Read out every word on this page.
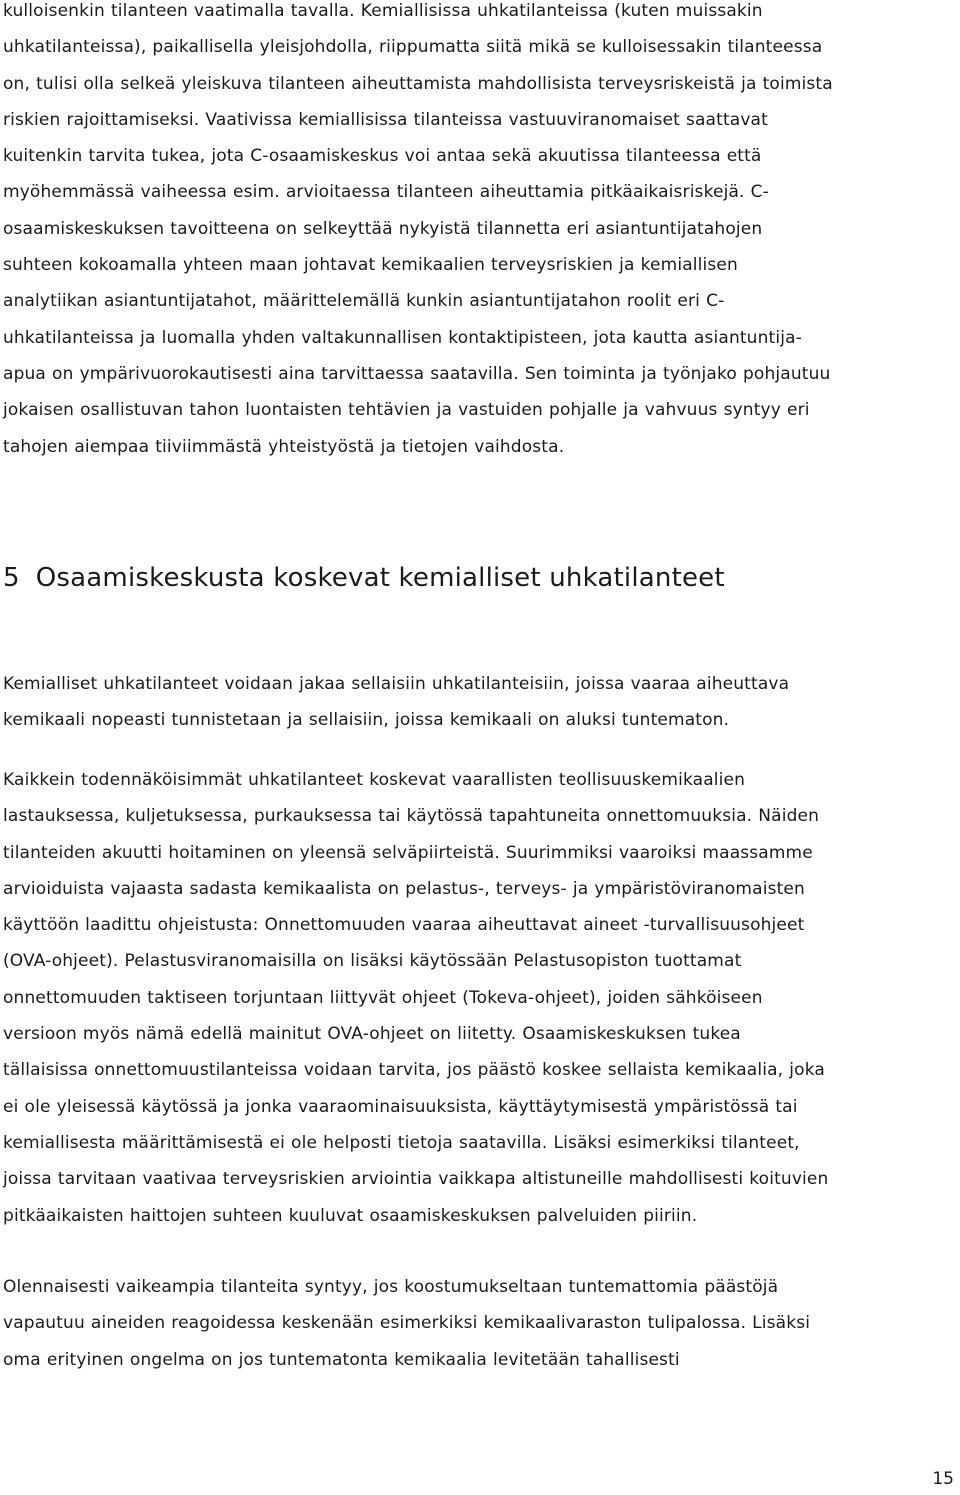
kulloisenkin tilanteen vaatimalla tavalla. Kemiallisissa uhkatilanteissa (kuten muissakin
uhkatilanteissa), paikallisella yleisjohdolla, riippumatta siitä mikä se kulloisessakin tilanteessa
on, tulisi olla selkeä yleiskuva tilanteen aiheuttamista mahdollisista terveysriskeistä ja toimista
riskien rajoittamiseksi. Vaativissa kemiallisissa tilanteissa vastuuviranomaiset saattavat
kuitenkin tarvita tukea, jota C-osaamiskeskus voi antaa sekä akuutissa tilanteessa että
myöhemmässä vaiheessa esim. arvioitaessa tilanteen aiheuttamia pitkäaikaisriskejä. C-
osaamiskeskuksen tavoitteena on selkeyttää nykyistä tilannetta eri asiantuntijatahojen
suhteen kokoamalla yhteen maan johtavat kemikaalien terveysriskien ja kemiallisen
analytiikan asiantuntijatahot, määrittelemällä kunkin asiantuntijatahon roolit eri C-
uhkatilanteissa ja luomalla yhden valtakunnallisen kontaktipisteen, jota kautta asiantuntija-
apua on ympärivuorokautisesti aina tarvittaessa saatavilla. Sen toiminta ja työnjako pohjautuu
jokaisen osallistuvan tahon luontaisten tehtävien ja vastuiden pohjalle ja vahvuus syntyy eri
tahojen aiempaa tiiviimmästä yhteistyöstä ja tietojen vaihdosta.
5 Osaamiskeskusta koskevat kemialliset uhkatilanteet
Kemialliset uhkatilanteet voidaan jakaa sellaisiin uhkatilanteisiin, joissa vaaraa aiheuttava
kemikaali nopeasti tunnistetaan ja sellaisiin, joissa kemikaali on aluksi tuntematon.
Kaikkein todennäköisimmät uhkatilanteet koskevat vaarallisten teollisuuskemikaalien
lastauksessa, kuljetuksessa, purkauksessa tai käytössä tapahtuneita onnettomuuksia. Näiden
tilanteiden akuutti hoitaminen on yleensä selväpiirteistä. Suurimmiksi vaaroiksi maassamme
arvioiduista vajaasta sadasta kemikaalista on pelastus-, terveys- ja ympäristöviranomaisten
käyttöön laadittu ohjeistusta: Onnettomuuden vaaraa aiheuttavat aineet -turvallisuusohjeet
(OVA-ohjeet). Pelastusviranomaisilla on lisäksi käytössään Pelastusopiston tuottamat
onnettomuuden taktiseen torjuntaan liittyvät ohjeet (Tokeva-ohjeet), joiden sähköiseen
versioon myös nämä edellä mainitut OVA-ohjeet on liitetty. Osaamiskeskuksen tukea
tällaisissa onnettomuustilanteissa voidaan tarvita, jos päästö koskee sellaista kemikaalia, joka
ei ole yleisessä käytössä ja jonka vaaraominaisuuksista, käyttäytymisestä ympäristössä tai
kemiallisesta määrittämisestä ei ole helposti tietoja saatavilla. Lisäksi esimerkiksi tilanteet,
joissa tarvitaan vaativaa terveysriskien arviointia vaikkapa altistuneille mahdollisesti koituvien
pitkäaikaisten haittojen suhteen kuuluvat osaamiskeskuksen palveluiden piiriin.
Olennaisesti vaikeampia tilanteita syntyy, jos koostumukseltaan tuntemattomia päästöjä
vapautuu aineiden reagoidessa keskenään esimerkiksi kemikaalivaraston tulipalossa. Lisäksi
oma erityinen ongelma on jos tuntematonta kemikaalia levitetään tahallisesti
15
